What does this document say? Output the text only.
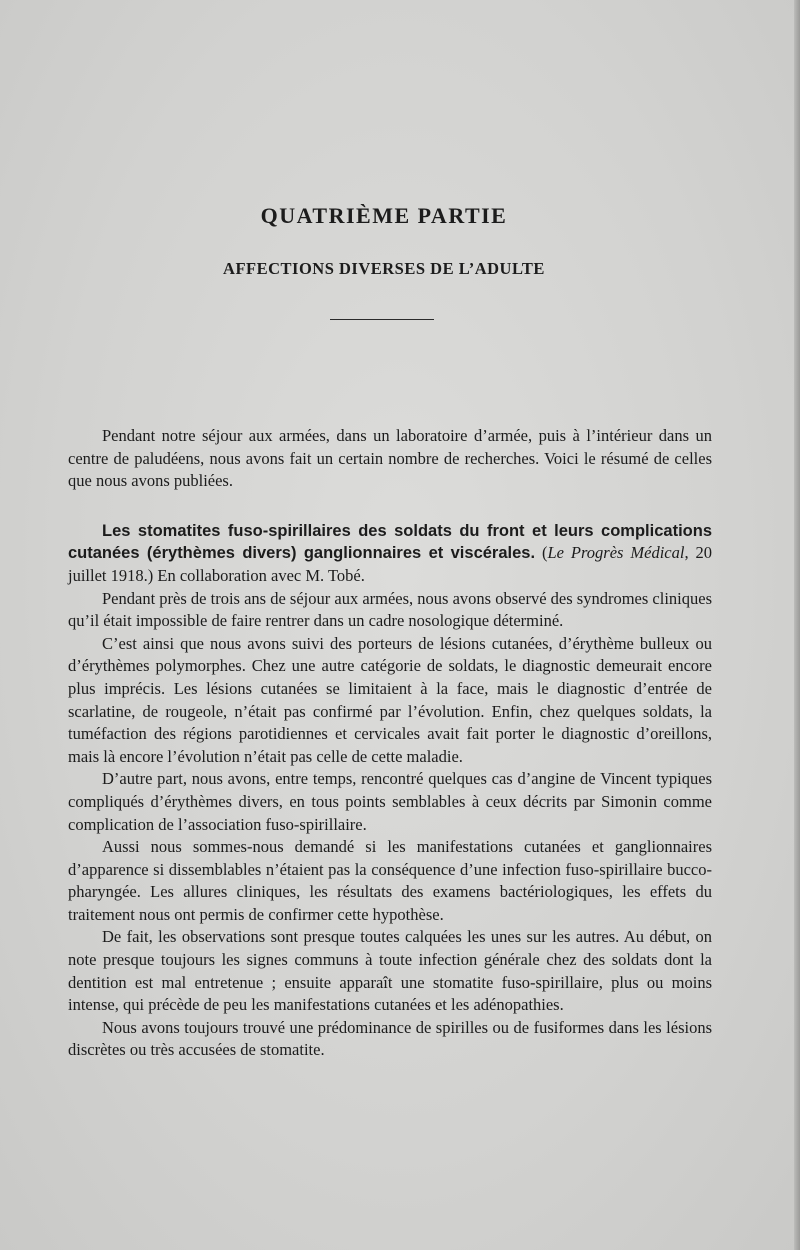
QUATRIÈME PARTIE
AFFECTIONS DIVERSES DE L’ADULTE

Pendant notre séjour aux armées, dans un laboratoire d’armée, puis à l’intérieur dans un centre de paludéens, nous avons fait un certain nombre de recherches. Voici le résumé de celles que nous avons publiées.

Les stomatites fuso-spirillaires des soldats du front et leurs complications cutanées (érythèmes divers) ganglionnaires et viscérales. (Le Progrès Médical, 20 juillet 1918.) En collaboration avec M. Tobé.

Pendant près de trois ans de séjour aux armées, nous avons observé des syndromes cliniques qu’il était impossible de faire rentrer dans un cadre nosologique déterminé.

C’est ainsi que nous avons suivi des porteurs de lésions cutanées, d’érythème bulleux ou d’érythèmes polymorphes. Chez une autre catégorie de soldats, le diagnostic demeurait encore plus imprécis. Les lésions cutanées se limitaient à la face, mais le diagnostic d’entrée de scarlatine, de rougeole, n’était pas confirmé par l’évolution. Enfin, chez quelques soldats, la tuméfaction des régions parotidiennes et cervicales avait fait porter le diagnostic d’oreillons, mais là encore l’évolution n’était pas celle de cette maladie.

D’autre part, nous avons, entre temps, rencontré quelques cas d’angine de Vincent typiques compliqués d’érythèmes divers, en tous points semblables à ceux décrits par Simonin comme complication de l’association fuso-spirillaire.

Aussi nous sommes-nous demandé si les manifestations cutanées et ganglionnaires d’apparence si dissemblables n’étaient pas la conséquence d’une infection fuso-spirillaire bucco-pharyngée. Les allures cliniques, les résultats des examens bactériologiques, les effets du traitement nous ont permis de confirmer cette hypothèse.

De fait, les observations sont presque toutes calquées les unes sur les autres. Au début, on note presque toujours les signes communs à toute infection générale chez des soldats dont la dentition est mal entretenue ; ensuite apparaît une stomatite fuso-spirillaire, plus ou moins intense, qui précède de peu les manifestations cutanées et les adénopathies.

Nous avons toujours trouvé une prédominance de spirilles ou de fusiformes dans les lésions discrètes ou très accusées de stomatite.
